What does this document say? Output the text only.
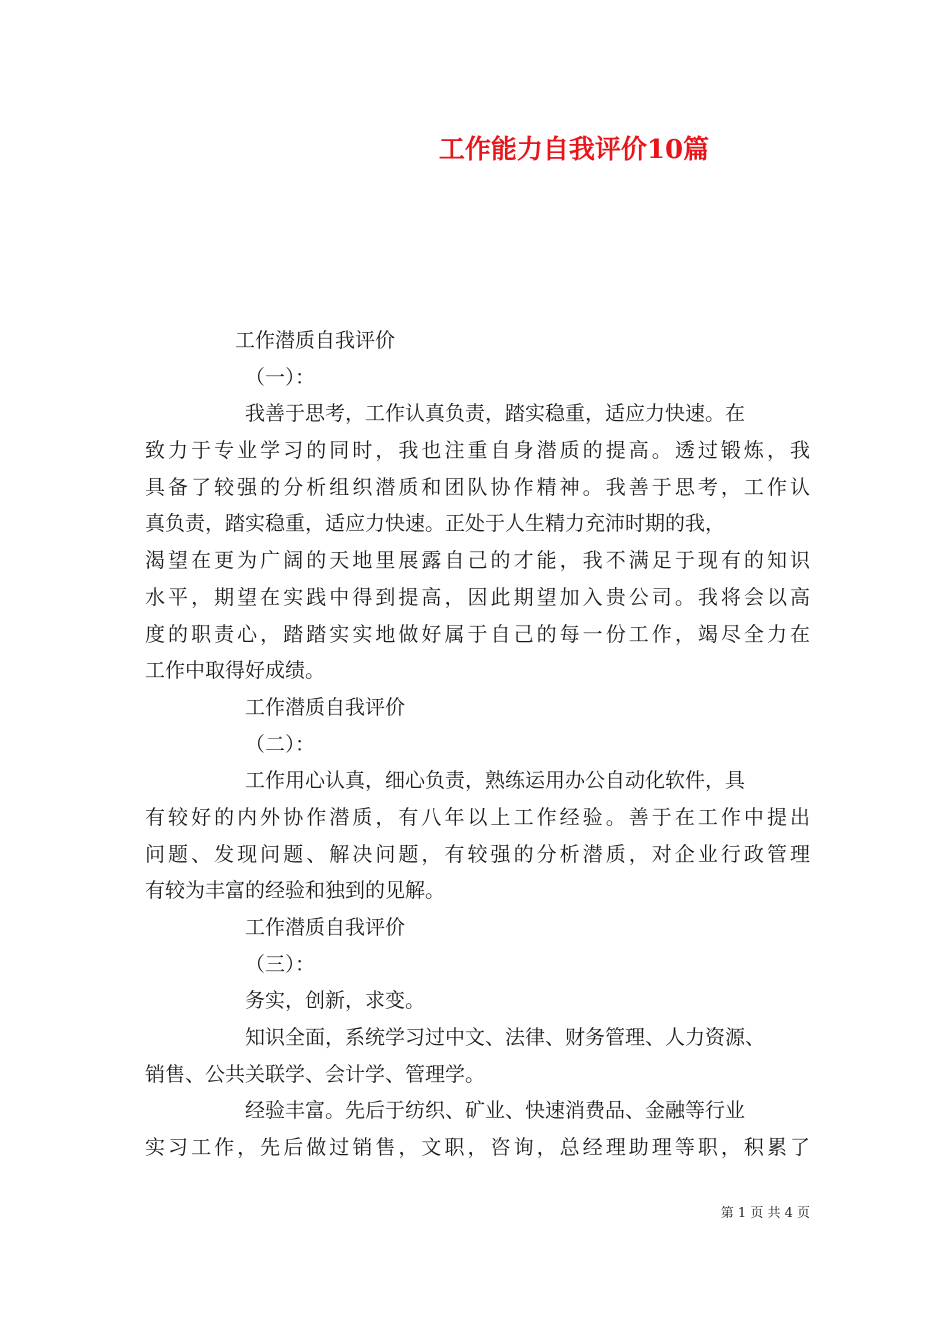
工作能力自我评价10篇
工作潜质自我评价
（一）：
我善于思考，工作认真负责，踏实稳重，适应力快速。在
致力于专业学习的同时，我也注重自身潜质的提高。透过锻炼，我
具备了较强的分析组织潜质和团队协作精神。我善于思考，工作认
真负责，踏实稳重，适应力快速。正处于人生精力充沛时期的我，
渴望在更为广阔的天地里展露自己的才能，我不满足于现有的知识
水平，期望在实践中得到提高，因此期望加入贵公司。我将会以高
度的职责心，踏踏实实地做好属于自己的每一份工作，竭尽全力在
工作中取得好成绩。
工作潜质自我评价
（二）：
工作用心认真，细心负责，熟练运用办公自动化软件，具
有较好的内外协作潜质，有八年以上工作经验。善于在工作中提出
问题、发现问题、解决问题，有较强的分析潜质，对企业行政管理
有较为丰富的经验和独到的见解。
工作潜质自我评价
（三）：
务实，创新，求变。
知识全面，系统学习过中文、法律、财务管理、人力资源、
销售、公共关联学、会计学、管理学。
经验丰富。先后于纺织、矿业、快速消费品、金融等行业
实习工作，先后做过销售，文职，咨询，总经理助理等职，积累了
第 1 页 共 4 页
